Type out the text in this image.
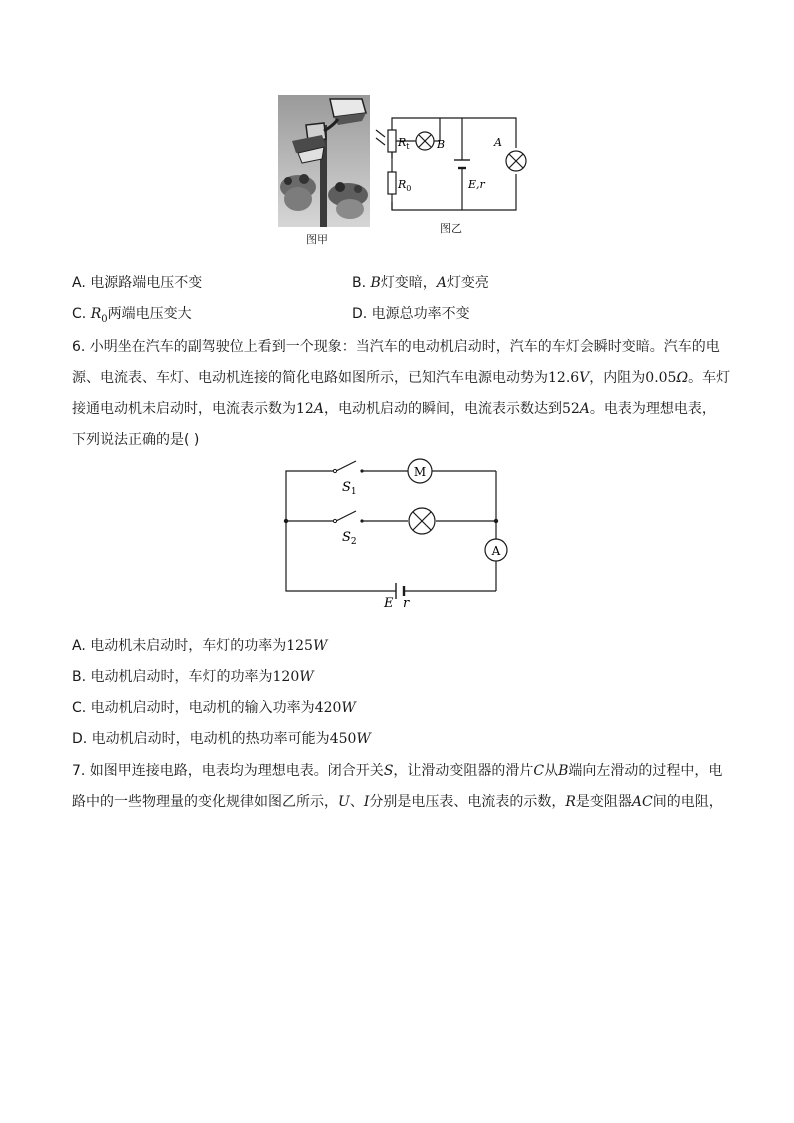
图甲
$R_t$ B	A
$R_0$	E,r
图乙
A. 电源路端电压不变	B. B灯变暗，A灯变亮
C. $R_0$两端电压变大	D. 电源总功率不变
6. 小明坐在汽车的副驾驶位上看到一个现象：当汽车的电动机启动时，汽车的车灯会瞬时变暗。汽车的电
源、电流表、车灯、电动机连接的简化电路如图所示，已知汽车电源电动势为12.6V，内阻为0.05Ω。车灯
接通电动机未启动时，电流表示数为12A，电动机启动的瞬间，电流表示数达到52A。电表为理想电表，
下列说法正确的是( )
M
A
$S_1$
$S_2$
E r
A. 电动机未启动时，车灯的功率为125W
B. 电动机启动时，车灯的功率为120W
C. 电动机启动时，电动机的输入功率为420W
D. 电动机启动时，电动机的热功率可能为450W
7. 如图甲连接电路，电表均为理想电表。闭合开关S，让滑动变阻器的滑片C从B端向左滑动的过程中，电
路中的一些物理量的变化规律如图乙所示，U、I分别是电压表、电流表的示数，R是变阻器AC间的电阻，
